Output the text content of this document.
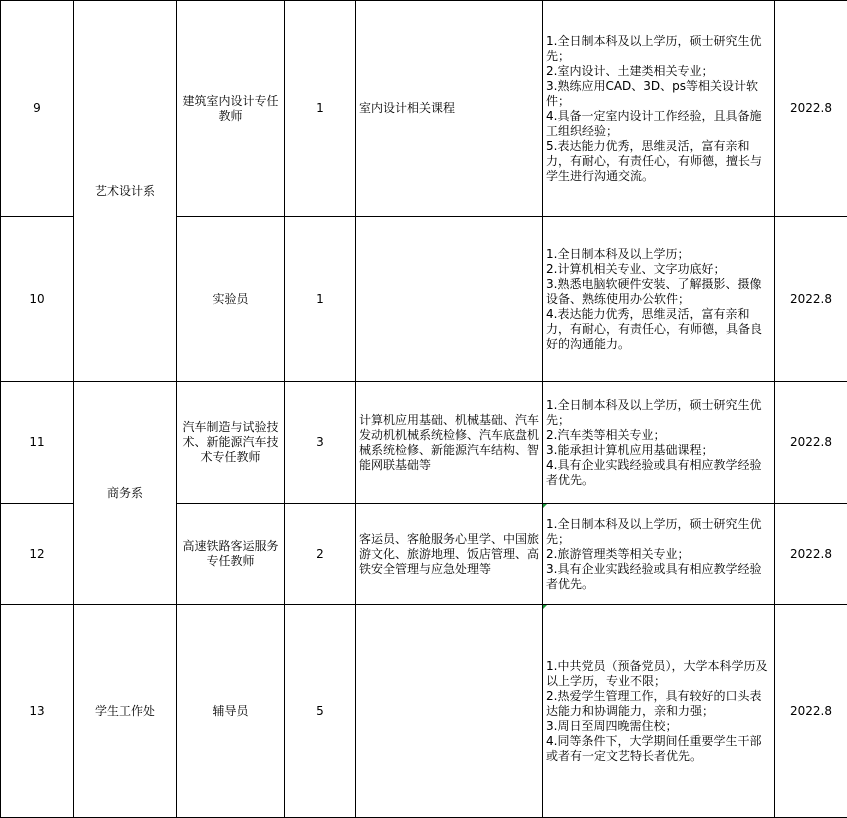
9	艺术设计系	建筑室内设计专任教师	1	室内设计相关课程	1.全日制本科及以上学历，硕士研究生优先；
2.室内设计、土建类相关专业；
3.熟练应用CAD、3D、ps等相关设计软件；
4.具备一定室内设计工作经验，且具备施工组织经验；
5.表达能力优秀，思维灵活，富有亲和力，有耐心，有责任心，有师德，擅长与学生进行沟通交流。	2022.8
10		实验员	1		1.全日制本科及以上学历；
2.计算机相关专业、文字功底好；
3.熟悉电脑软硬件安装、了解摄影、摄像设备、熟练使用办公软件；
4.表达能力优秀，思维灵活，富有亲和力，有耐心，有责任心，有师德，具备良好的沟通能力。	2022.8
11	商务系	汽车制造与试验技术、新能源汽车技术专任教师	3	计算机应用基础、机械基础、汽车发动机机械系统检修、汽车底盘机械系统检修、新能源汽车结构、智能网联基础等	1.全日制本科及以上学历，硕士研究生优先；
2.汽车类等相关专业；
3.能承担计算机应用基础课程；
4.具有企业实践经验或具有相应教学经验者优先。	2022.8
12		高速铁路客运服务专任教师	2	客运员、客舱服务心里学、中国旅游文化、旅游地理、饭店管理、高铁安全管理与应急处理等	1.全日制本科及以上学历，硕士研究生优先；
2.旅游管理类等相关专业；
3.具有企业实践经验或具有相应教学经验者优先。	2022.8
13	学生工作处	辅导员	5		1.中共党员（预备党员），大学本科学历及以上学历，专业不限；
2.热爱学生管理工作，具有较好的口头表达能力和协调能力，亲和力强；
3.周日至周四晚需住校；
4.同等条件下，大学期间任重要学生干部或者有一定文艺特长者优先。	2022.8
